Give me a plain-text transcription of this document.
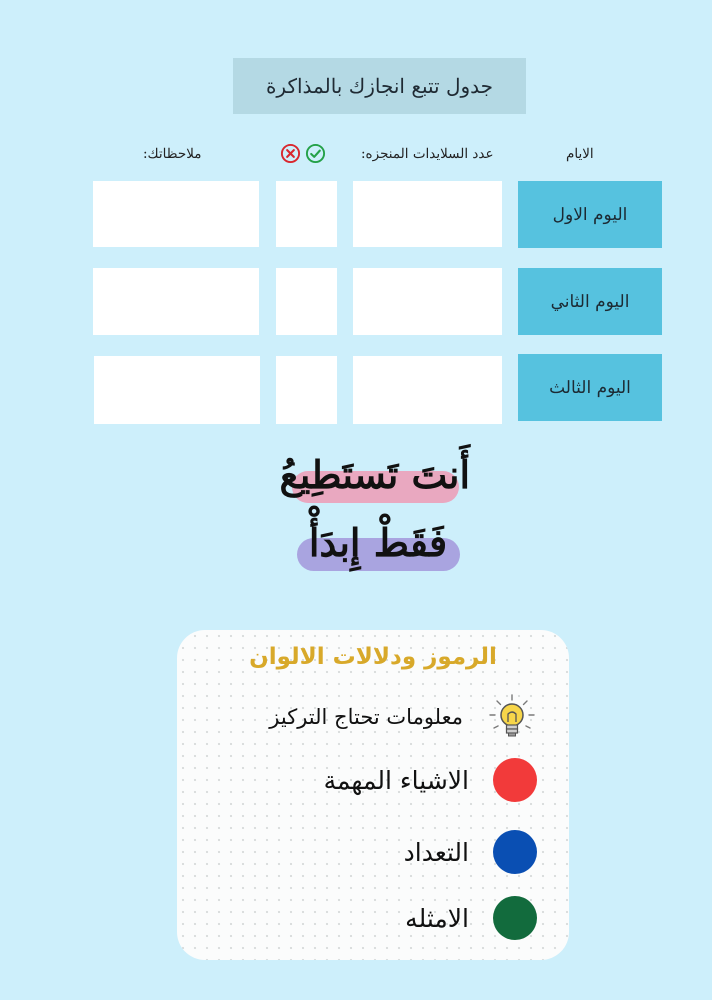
جدول تتبع انجازك بالمذاكرة
الايام
عدد السلايدات المنجزه:
ملاحظاتك:
اليوم الاول
اليوم الثاني
اليوم الثالث
أَنتَ تَستَطِيعُ
فَقَطْ إِبدَأْ
الرموز ودلالات الالوان
معلومات تحتاج التركيز
الاشياء المهمة
التعداد
الامثله
